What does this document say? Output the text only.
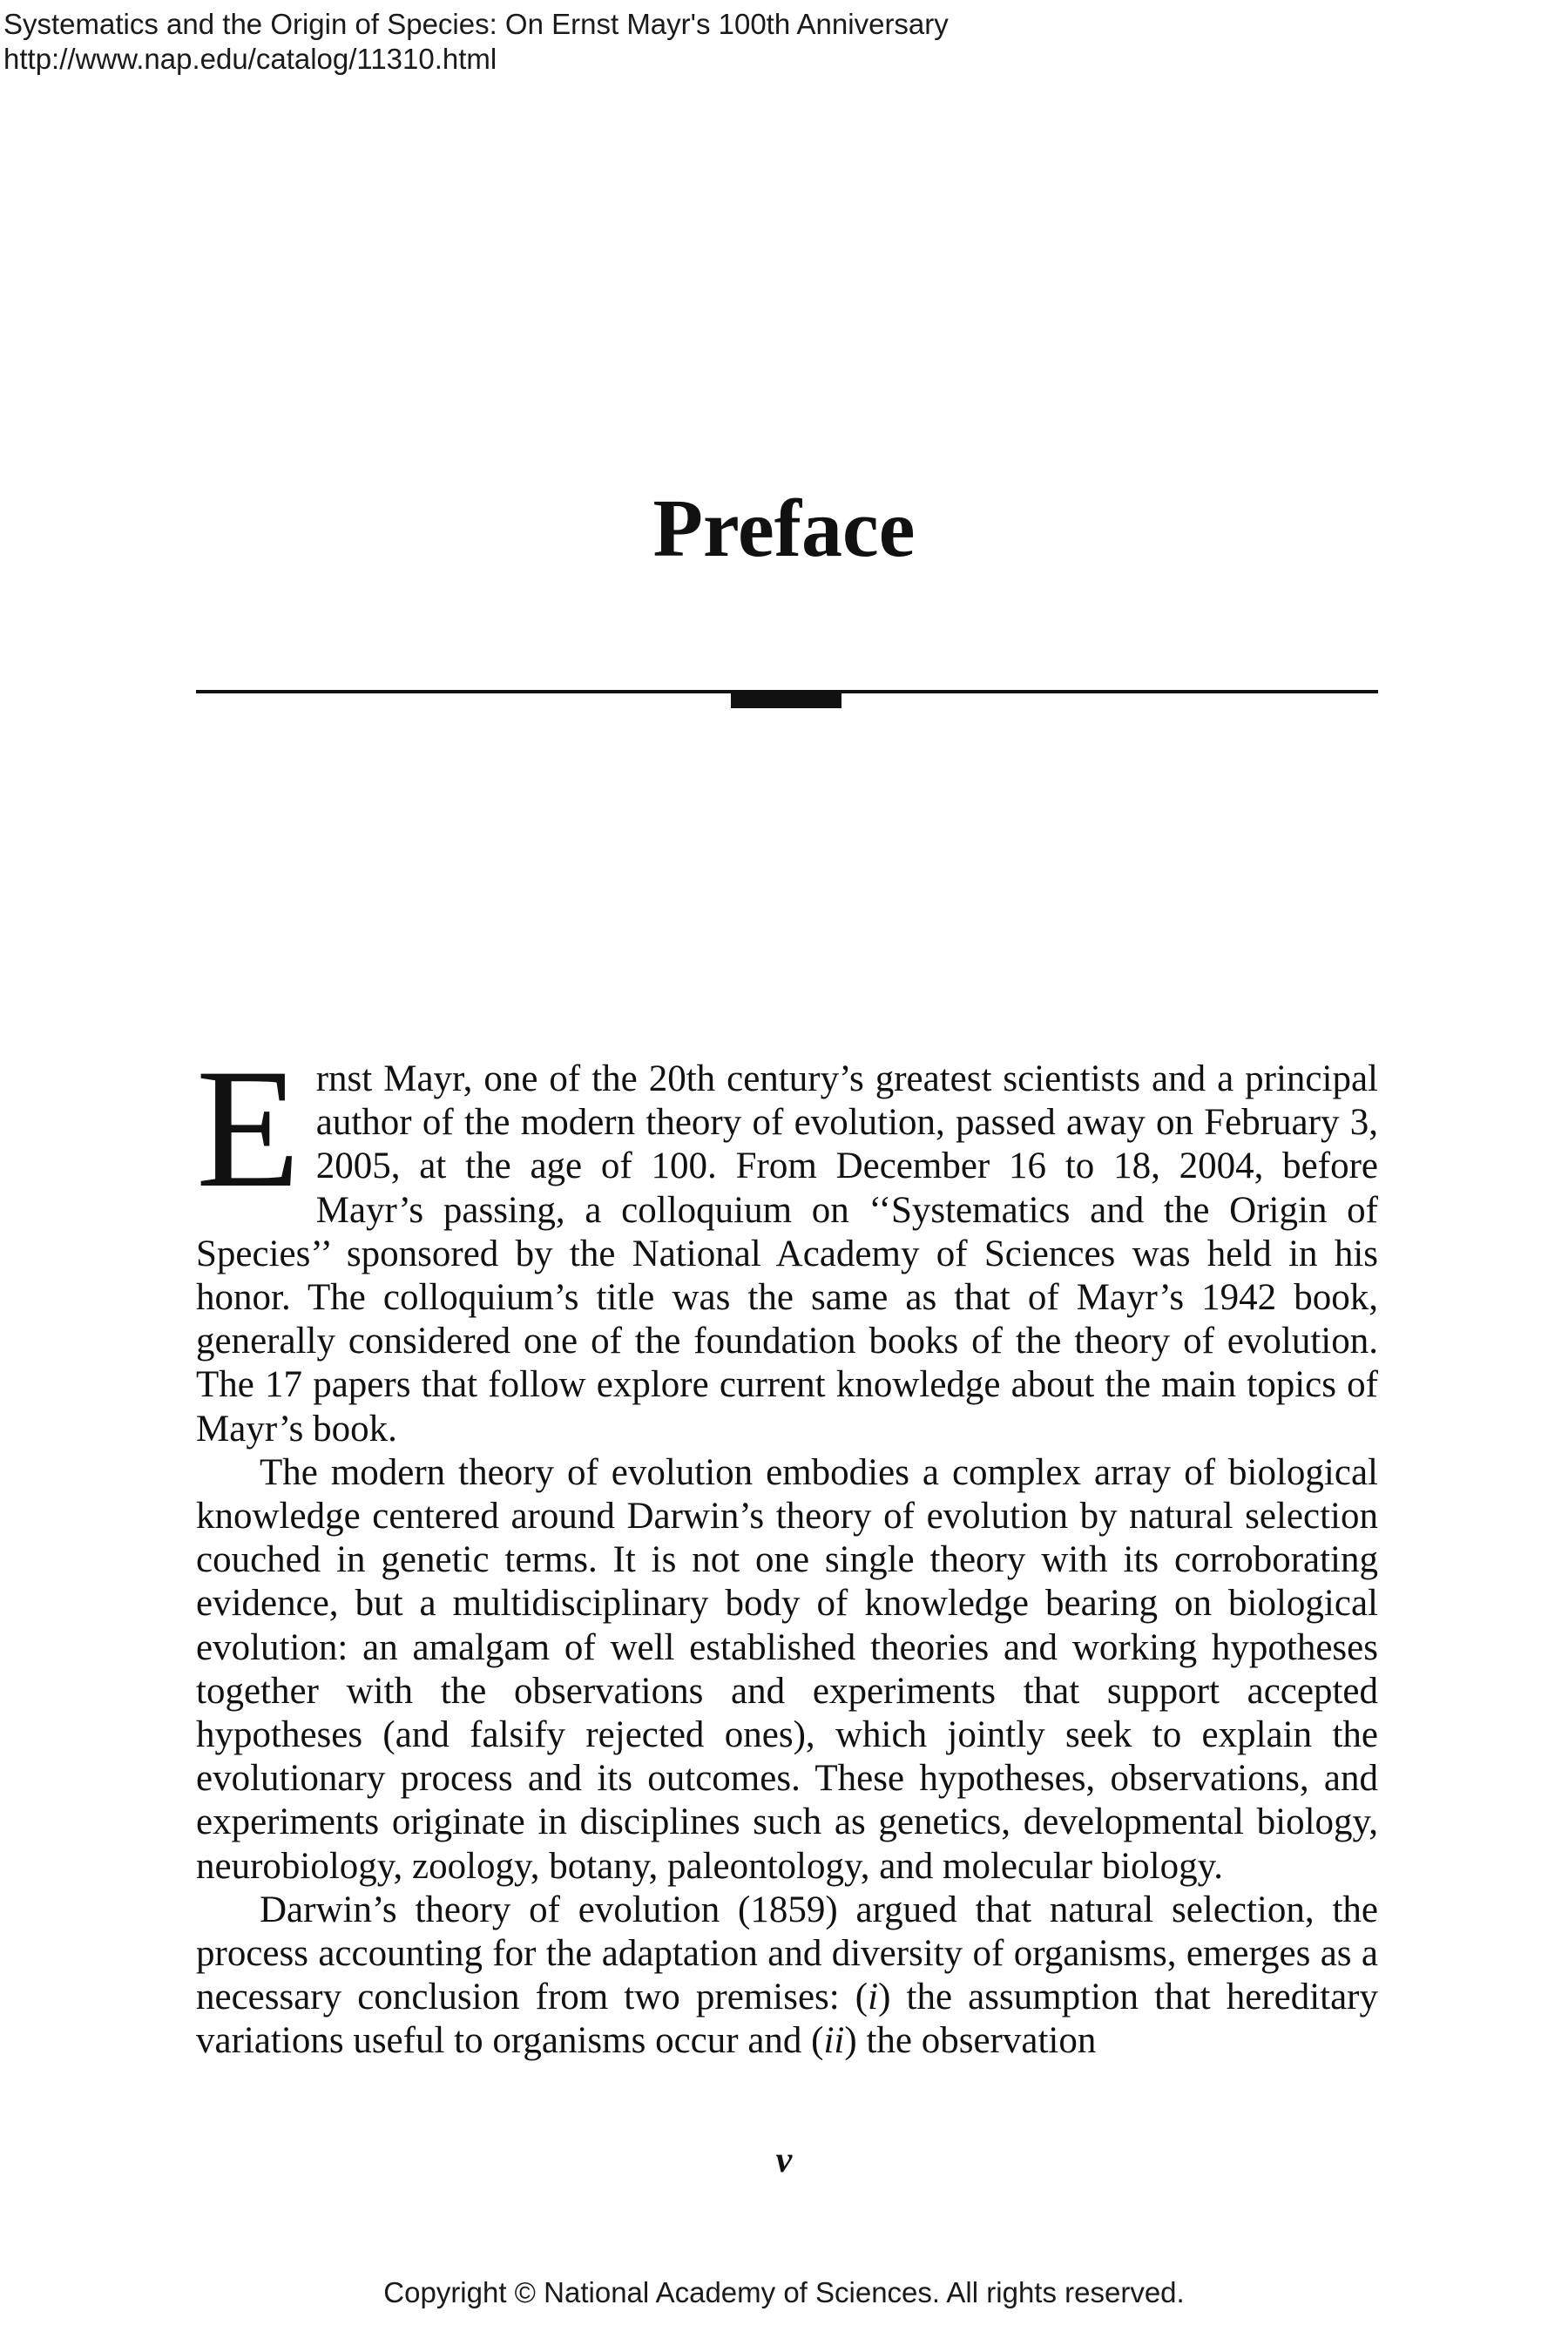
Systematics and the Origin of Species: On Ernst Mayr's 100th Anniversary
http://www.nap.edu/catalog/11310.html
Preface

Ernst Mayr, one of the 20th century’s greatest scientists and a principal author of the modern theory of evolution, passed away on February 3, 2005, at the age of 100. From December 16 to 18, 2004, before Mayr’s passing, a colloquium on ‘‘Systematics and the Origin of Species’’ sponsored by the National Academy of Sciences was held in his honor. The colloquium’s title was the same as that of Mayr’s 1942 book, generally considered one of the foundation books of the theory of evolution. The 17 papers that follow explore current knowledge about the main topics of Mayr’s book.

The modern theory of evolution embodies a complex array of biological knowledge centered around Darwin’s theory of evolution by natural selection couched in genetic terms. It is not one single theory with its corroborating evidence, but a multidisciplinary body of knowledge bearing on biological evolution: an amalgam of well established theories and working hypotheses together with the observations and experiments that support accepted hypotheses (and falsify rejected ones), which jointly seek to explain the evolutionary process and its outcomes. These hypotheses, observations, and experiments originate in disciplines such as genetics, developmental biology, neurobiology, zoology, botany, paleontology, and molecular biology.

Darwin’s theory of evolution (1859) argued that natural selection, the process accounting for the adaptation and diversity of organisms, emerges as a necessary conclusion from two premises: (i) the assumption that hereditary variations useful to organisms occur and (ii) the observation

v
Copyright © National Academy of Sciences. All rights reserved.
